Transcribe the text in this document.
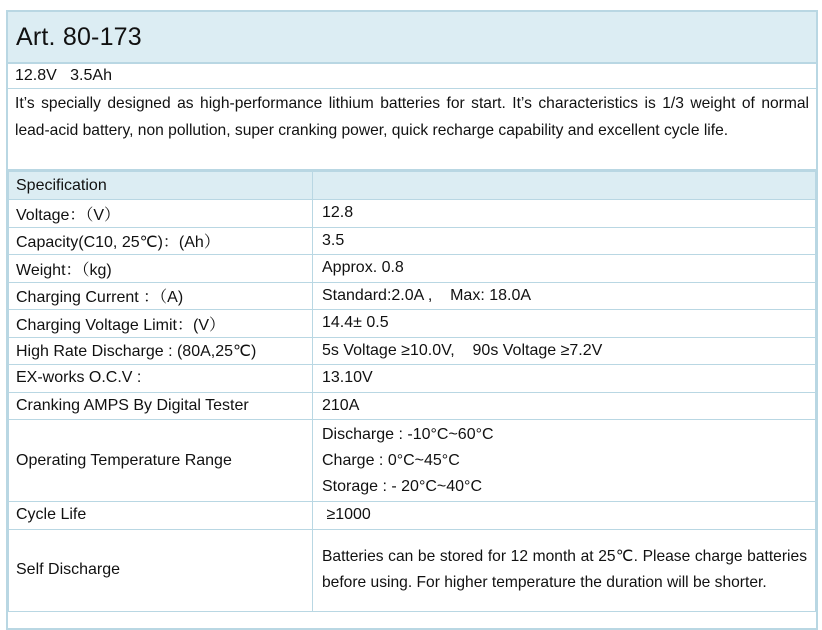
Art. 80-173
12.8V   3.5Ah
It’s specially designed as high-performance lithium batteries for start. It’s characteristics is 1/3 weight of normal lead-acid battery, non pollution, super cranking power, quick recharge capability and excellent cycle life.
Specification	
Voltage：（V）	12.8
Capacity(C10, 25℃)：(Ah）	3.5
Weight：（kg)	Approx. 0.8
Charging Current ：（A)	Standard:2.0A ,    Max: 18.0A
Charging Voltage Limit：(V）	14.4± 0.5
High Rate Discharge : (80A,25℃)	5s Voltage ≥10.0V,    90s Voltage ≥7.2V
EX-works O.C.V :	13.10V
Cranking AMPS By Digital Tester	210A
Operating Temperature Range	Discharge : -10°C~60°C
Charge : 0°C~45°C
Storage : - 20°C~40°C

Cycle Life	≥1000
Self Discharge	Batteries can be stored for 12 month at 25℃. Please charge batteries before using. For higher temperature the duration will be shorter.
